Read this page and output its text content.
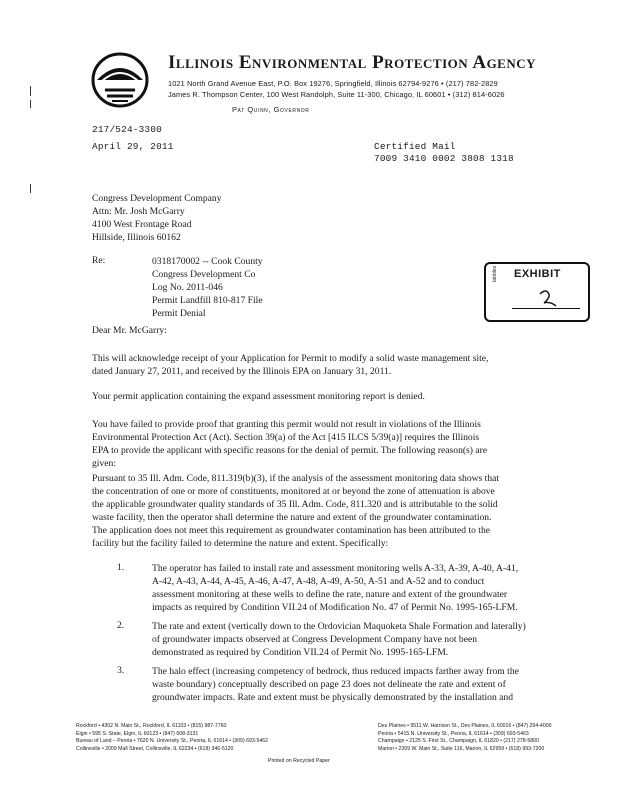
Illinois Environmental Protection Agency
1021 North Grand Avenue East, P.O. Box 19276, Springfield, Illinois 62794-9276 • (217) 782-2829
James R. Thompson Center, 100 West Randolph, Suite 11-300, Chicago, IL 60601 • (312) 814-6026
Pat Quinn, Governor
217/524-3300
April 29, 2011	Certified Mail
7009 3410 0002 3808 1318
Congress Development Company
Attn: Mr. Josh McGarry
4100 West Frontage Road
Hillside, Illinois 60162
Re:	0318170002 -- Cook County
Congress Development Co
Log No. 2011-046
Permit Landfill 810-817 File
Permit Denial
EXHIBIT
tabbles
Dear Mr. McGarry:
This will acknowledge receipt of your Application for Permit to modify a solid waste management site,
dated January 27, 2011, and received by the Illinois EPA on January 31, 2011.
Your permit application containing the expand assessment monitoring report is denied.
You have failed to provide proof that granting this permit would not result in violations of the Illinois
Environmental Protection Act (Act). Section 39(a) of the Act [415 ILCS 5/39(a)] requires the Illinois
EPA to provide the applicant with specific reasons for the denial of permit. The following reason(s) are
given:
Pursuant to 35 Ill. Adm. Code, 811.319(b)(3), if the analysis of the assessment monitoring data shows that
the concentration of one or more of constituents, monitored at or beyond the zone of attenuation is above
the applicable groundwater quality standards of 35 Ill. Adm. Code, 811.320 and is attributable to the solid
waste facility, then the operator shall determine the nature and extent of the groundwater contamination.
The application does not meet this requirement as groundwater contamination has been attributed to the
facility but the facility failed to determine the nature and extent. Specifically:
1.	The operator has failed to install rate and assessment monitoring wells A-33, A-39, A-40, A-41,
A-42, A-43, A-44, A-45, A-46, A-47, A-48, A-49, A-50, A-51 and A-52 and to conduct
assessment monitoring at these wells to define the rate, nature and extent of the groundwater
impacts as required by Condition VII.24 of Modification No. 47 of Permit No. 1995-165-LFM.
2.	The rate and extent (vertically down to the Ordovician Maquoketa Shale Formation and laterally)
of groundwater impacts observed at Congress Development Company have not been
demonstrated as required by Condition VII.24 of Permit No. 1995-165-LFM.
3.	The halo effect (increasing competency of bedrock, thus reduced impacts farther away from the
waste boundary) conceptually described on page 23 does not delineate the rate and extent of
groundwater impacts. Rate and extent must be physically demonstrated by the installation and
Rockford • 4302 N. Main St., Rockford, IL 61103 • (815) 987-7760
Elgin • 595 S. State, Elgin, IL 60123 • (847) 608-3131
Bureau of Land – Peoria • 7620 N. University St., Peoria, IL 61614 • (309) 693-5462
Collinsville • 2009 Mall Street, Collinsville, IL 62234 • (618) 346-5120
Des Plaines • 9511 W. Harrison St., Des Plaines, IL 60016 • (847) 294-4000
Peoria • 5415 N. University St., Peoria, IL 61614 • (309) 693-5463
Champaign • 2125 S. First St., Champaign, IL 61820 • (217) 278-5800
Marion • 2309 W. Main St., Suite 116, Marion, IL 62959 • (618) 993-7200
Printed on Recycled Paper
